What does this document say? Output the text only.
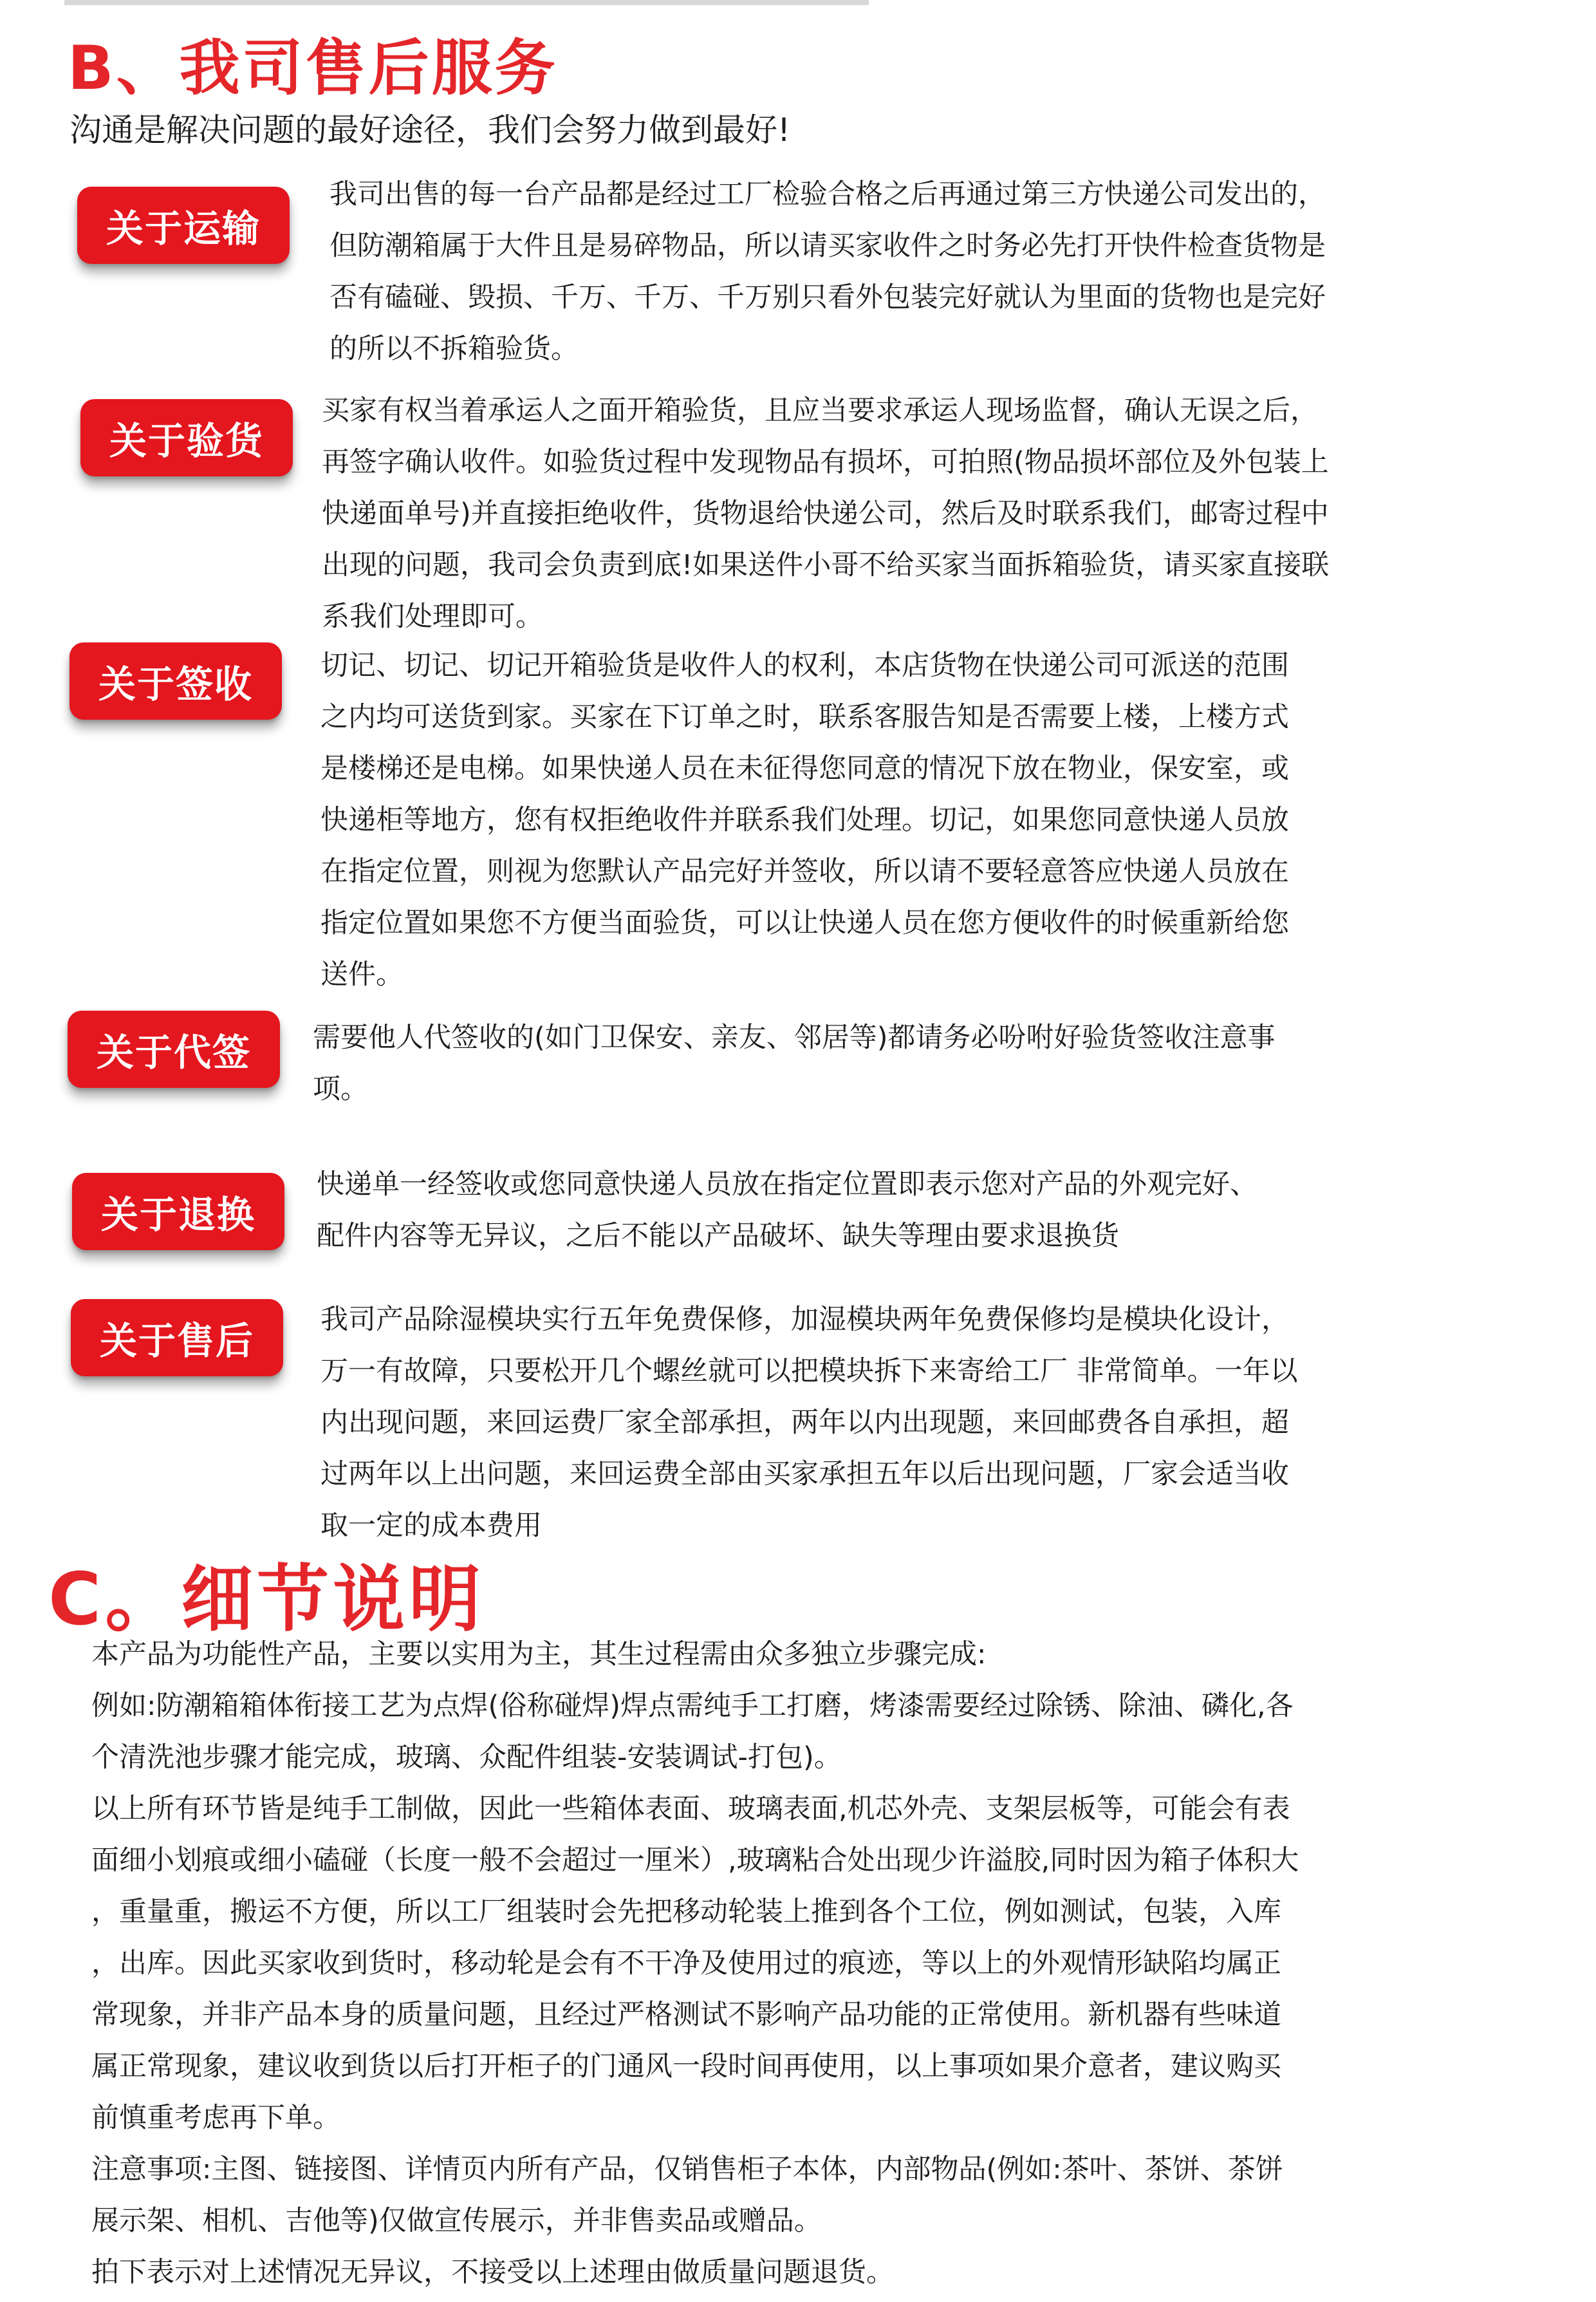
B、我司售后服务
沟通是解决问题的最好途径，我们会努力做到最好!
关于运输
我司出售的每一台产品都是经过工厂检验合格之后再通过第三方快递公司发出的，
但防潮箱属于大件且是易碎物品，所以请买家收件之时务必先打开快件检查货物是
否有磕碰、毁损、千万、千万、千万别只看外包装完好就认为里面的货物也是完好
的所以不拆箱验货。
关于验货
买家有权当着承运人之面开箱验货，且应当要求承运人现场监督，确认无误之后，
再签字确认收件。如验货过程中发现物品有损坏，可拍照(物品损坏部位及外包装上
快递面单号)并直接拒绝收件，货物退给快递公司，然后及时联系我们，邮寄过程中
出现的问题，我司会负责到底!如果送件小哥不给买家当面拆箱验货，请买家直接联
系我们处理即可。
关于签收	切记、切记、切记开箱验货是收件人的权利，本店货物在快递公司可派送的范围
之内均可送货到家。买家在下订单之时，联系客服告知是否需要上楼，上楼方式
是楼梯还是电梯。如果快递人员在未征得您同意的情况下放在物业，保安室，或
快递柜等地方，您有权拒绝收件并联系我们处理。切记，如果您同意快递人员放
在指定位置，则视为您默认产品完好并签收，所以请不要轻意答应快递人员放在
指定位置如果您不方便当面验货，可以让快递人员在您方便收件的时候重新给您
送件。
关于代签	需要他人代签收的(如门卫保安、亲友、邻居等)都请务必吩咐好验货签收注意事
项。
关于退换
快递单一经签收或您同意快递人员放在指定位置即表示您对产品的外观完好、
配件内容等无异议，之后不能以产品破坏、缺失等理由要求退换货
关于售后	我司产品除湿模块实行五年免费保修，加湿模块两年免费保修均是模块化设计，
万一有故障，只要松开几个螺丝就可以把模块拆下来寄给工厂 非常简单。一年以
内出现问题，来回运费厂家全部承担，两年以内出现题，来回邮费各自承担，超
过两年以上出问题，来回运费全部由买家承担五年以后出现问题，厂家会适当收
取一定的成本费用
C。细节说明
本产品为功能性产品，主要以实用为主，其生过程需由众多独立步骤完成:
例如:防潮箱箱体衔接工艺为点焊(俗称碰焊)焊点需纯手工打磨，烤漆需要经过除锈、除油、磷化,各
个清洗池步骤才能完成，玻璃、众配件组装-安装调试-打包)。
以上所有环节皆是纯手工制做，因此一些箱体表面、玻璃表面,机芯外壳、支架层板等，可能会有表
面细小划痕或细小磕碰（长度一般不会超过一厘米）,玻璃粘合处出现少许溢胶,同时因为箱子体积大
，重量重，搬运不方便，所以工厂组装时会先把移动轮装上推到各个工位，例如测试，包装，入库
，出库。因此买家收到货时，移动轮是会有不干净及使用过的痕迹，等以上的外观情形缺陷均属正
常现象，并非产品本身的质量问题，且经过严格测试不影响产品功能的正常使用。新机器有些味道
属正常现象，建议收到货以后打开柜子的门通风一段时间再使用，以上事项如果介意者，建议购买
前慎重考虑再下单。
注意事项:主图、链接图、详情页内所有产品，仅销售柜子本体，内部物品(例如:茶叶、茶饼、茶饼
展示架、相机、吉他等)仅做宣传展示，并非售卖品或赠品。
拍下表示对上述情况无异议，不接受以上述理由做质量问题退货。
